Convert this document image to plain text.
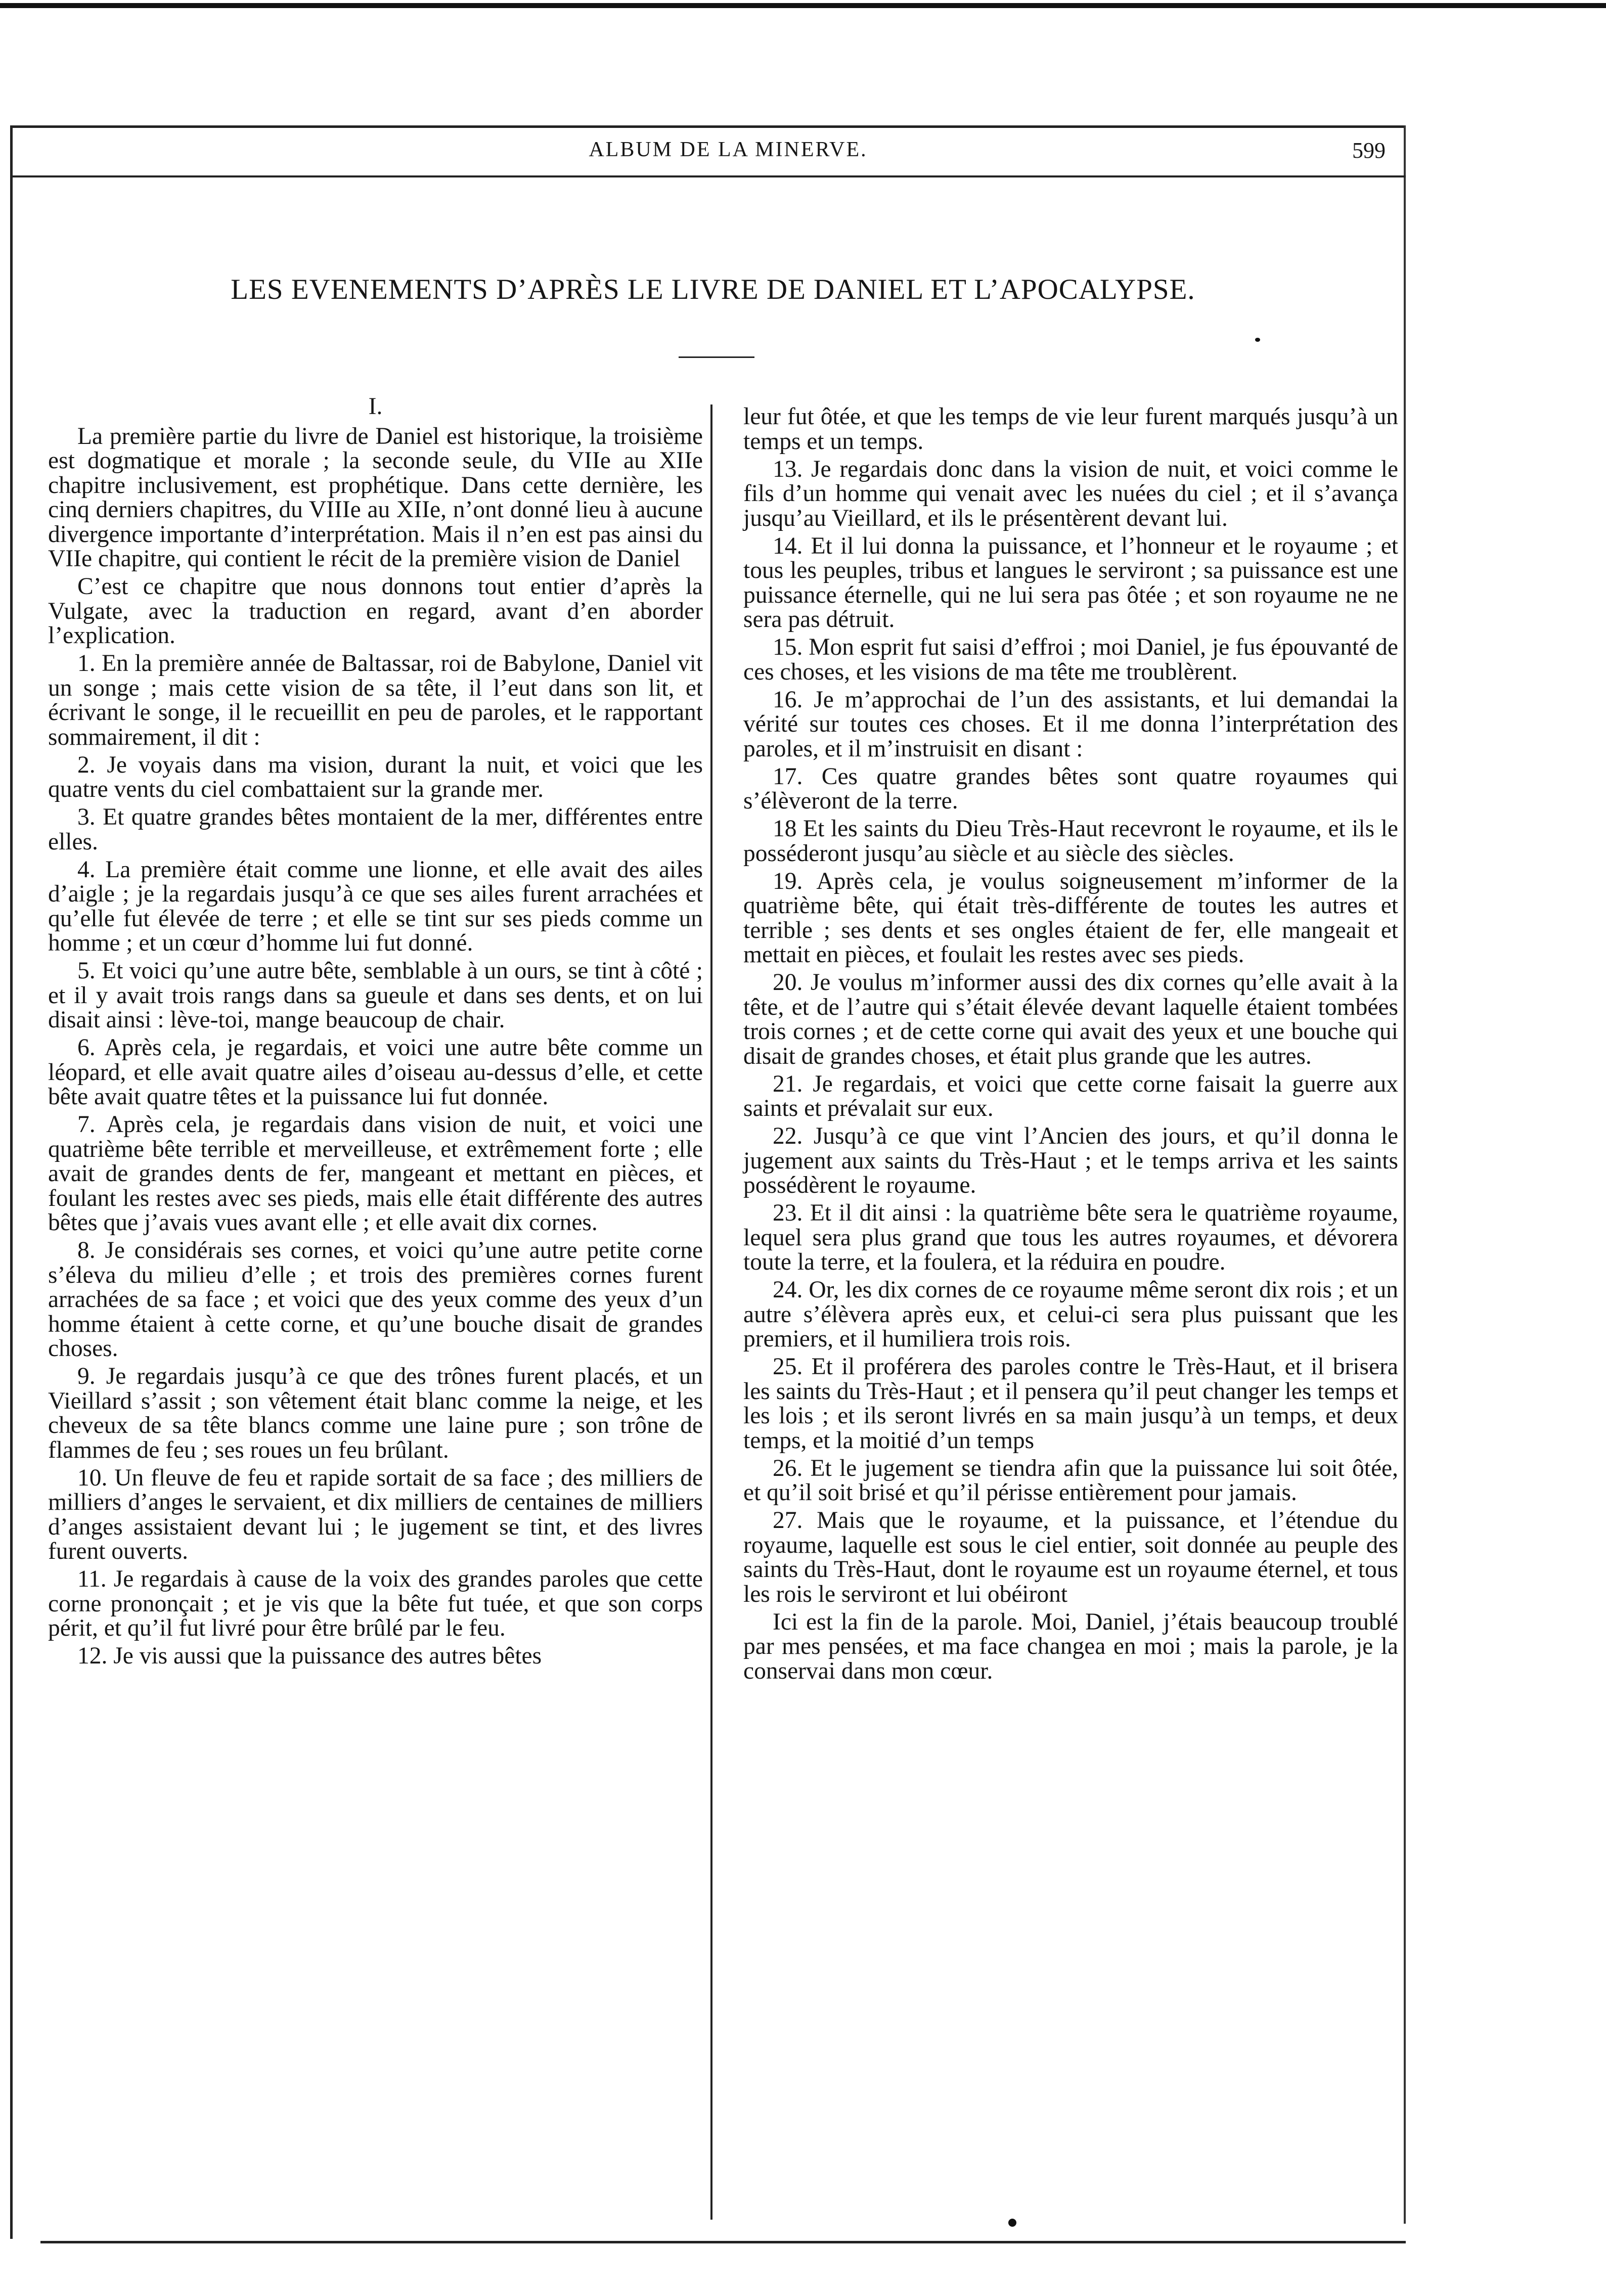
ALBUM DE LA MINERVE.	599
LES EVENEMENTS D’APRÈS LE LIVRE DE DANIEL ET L’APOCALYPSE.
I.

La première partie du livre de Daniel est historique, la troisième est dogmatique et morale ; la seconde seule, du VIIe au XIIe chapitre inclusivement, est prophétique. Dans cette dernière, les cinq derniers chapitres, du VIIIe au XIIe, n’ont donné lieu à aucune divergence importante d’interprétation. Mais il n’en est pas ainsi du VIIe chapitre, qui contient le récit de la première vision de Daniel

C’est ce chapitre que nous donnons tout entier d’après la Vulgate, avec la traduction en regard, avant d’en aborder l’explication.

1. En la première année de Baltassar, roi de Babylone, Daniel vit un songe ; mais cette vision de sa tête, il l’eut dans son lit, et écrivant le songe, il le recueillit en peu de paroles, et le rapportant sommairement, il dit :

2. Je voyais dans ma vision, durant la nuit, et voici que les quatre vents du ciel combattaient sur la grande mer.

3. Et quatre grandes bêtes montaient de la mer, différentes entre elles.

4. La première était comme une lionne, et elle avait des ailes d’aigle ; je la regardais jusqu’à ce que ses ailes furent arrachées et qu’elle fut élevée de terre ; et elle se tint sur ses pieds comme un homme ; et un cœur d’homme lui fut donné.

5. Et voici qu’une autre bête, semblable à un ours, se tint à côté ; et il y avait trois rangs dans sa gueule et dans ses dents, et on lui disait ainsi : lève-toi, mange beaucoup de chair.

6. Après cela, je regardais, et voici une autre bête comme un léopard, et elle avait quatre ailes d’oiseau au-dessus d’elle, et cette bête avait quatre têtes et la puissance lui fut donnée.

7. Après cela, je regardais dans vision de nuit, et voici une quatrième bête terrible et merveilleuse, et extrêmement forte ; elle avait de grandes dents de fer, mangeant et mettant en pièces, et foulant les restes avec ses pieds, mais elle était différente des autres bêtes que j’avais vues avant elle ; et elle avait dix cornes.

8. Je considérais ses cornes, et voici qu’une autre petite corne s’éleva du milieu d’elle ; et trois des premières cornes furent arrachées de sa face ; et voici que des yeux comme des yeux d’un homme étaient à cette corne, et qu’une bouche disait de grandes choses.

9. Je regardais jusqu’à ce que des trônes furent placés, et un Vieillard s’assit ; son vêtement était blanc comme la neige, et les cheveux de sa tête blancs comme une laine pure ; son trône de flammes de feu ; ses roues un feu brûlant.

10. Un fleuve de feu et rapide sortait de sa face ; des milliers de milliers d’anges le servaient, et dix milliers de centaines de milliers d’anges assistaient devant lui ; le jugement se tint, et des livres furent ouverts.

11. Je regardais à cause de la voix des grandes paroles que cette corne prononçait ; et je vis que la bête fut tuée, et que son corps périt, et qu’il fut livré pour être brûlé par le feu.

12. Je vis aussi que la puissance des autres bêtes

leur fut ôtée, et que les temps de vie leur furent marqués jusqu’à un temps et un temps.

13. Je regardais donc dans la vision de nuit, et voici comme le fils d’un homme qui venait avec les nuées du ciel ; et il s’avança jusqu’au Vieillard, et ils le présentèrent devant lui.

14. Et il lui donna la puissance, et l’honneur et le royaume ; et tous les peuples, tribus et langues le serviront ; sa puissance est une puissance éternelle, qui ne lui sera pas ôtée ; et son royaume ne ne sera pas détruit.

15. Mon esprit fut saisi d’effroi ; moi Daniel, je fus épouvanté de ces choses, et les visions de ma tête me troublèrent.

16. Je m’approchai de l’un des assistants, et lui demandai la vérité sur toutes ces choses. Et il me donna l’interprétation des paroles, et il m’instruisit en disant :

17. Ces quatre grandes bêtes sont quatre royaumes qui s’élèveront de la terre.

18 Et les saints du Dieu Très-Haut recevront le royaume, et ils le posséderont jusqu’au siècle et au siècle des siècles.

19. Après cela, je voulus soigneusement m’informer de la quatrième bête, qui était très-différente de toutes les autres et terrible ; ses dents et ses ongles étaient de fer, elle mangeait et mettait en pièces, et foulait les restes avec ses pieds.

20. Je voulus m’informer aussi des dix cornes qu’elle avait à la tête, et de l’autre qui s’était élevée devant laquelle étaient tombées trois cornes ; et de cette corne qui avait des yeux et une bouche qui disait de grandes choses, et était plus grande que les autres.

21. Je regardais, et voici que cette corne faisait la guerre aux saints et prévalait sur eux.

22. Jusqu’à ce que vint l’Ancien des jours, et qu’il donna le jugement aux saints du Très-Haut ; et le temps arriva et les saints possédèrent le royaume.

23. Et il dit ainsi : la quatrième bête sera le quatrième royaume, lequel sera plus grand que tous les autres royaumes, et dévorera toute la terre, et la foulera, et la réduira en poudre.

24. Or, les dix cornes de ce royaume même seront dix rois ; et un autre s’élèvera après eux, et celui-ci sera plus puissant que les premiers, et il humiliera trois rois.

25. Et il proférera des paroles contre le Très-Haut, et il brisera les saints du Très-Haut ; et il pensera qu’il peut changer les temps et les lois ; et ils seront livrés en sa main jusqu’à un temps, et deux temps, et la moitié d’un temps

26. Et le jugement se tiendra afin que la puissance lui soit ôtée, et qu’il soit brisé et qu’il périsse entièrement pour jamais.

27. Mais que le royaume, et la puissance, et l’étendue du royaume, laquelle est sous le ciel entier, soit donnée au peuple des saints du Très-Haut, dont le royaume est un royaume éternel, et tous les rois le serviront et lui obéiront

Ici est la fin de la parole. Moi, Daniel, j’étais beaucoup troublé par mes pensées, et ma face changea en moi ; mais la parole, je la conservai dans mon cœur.
